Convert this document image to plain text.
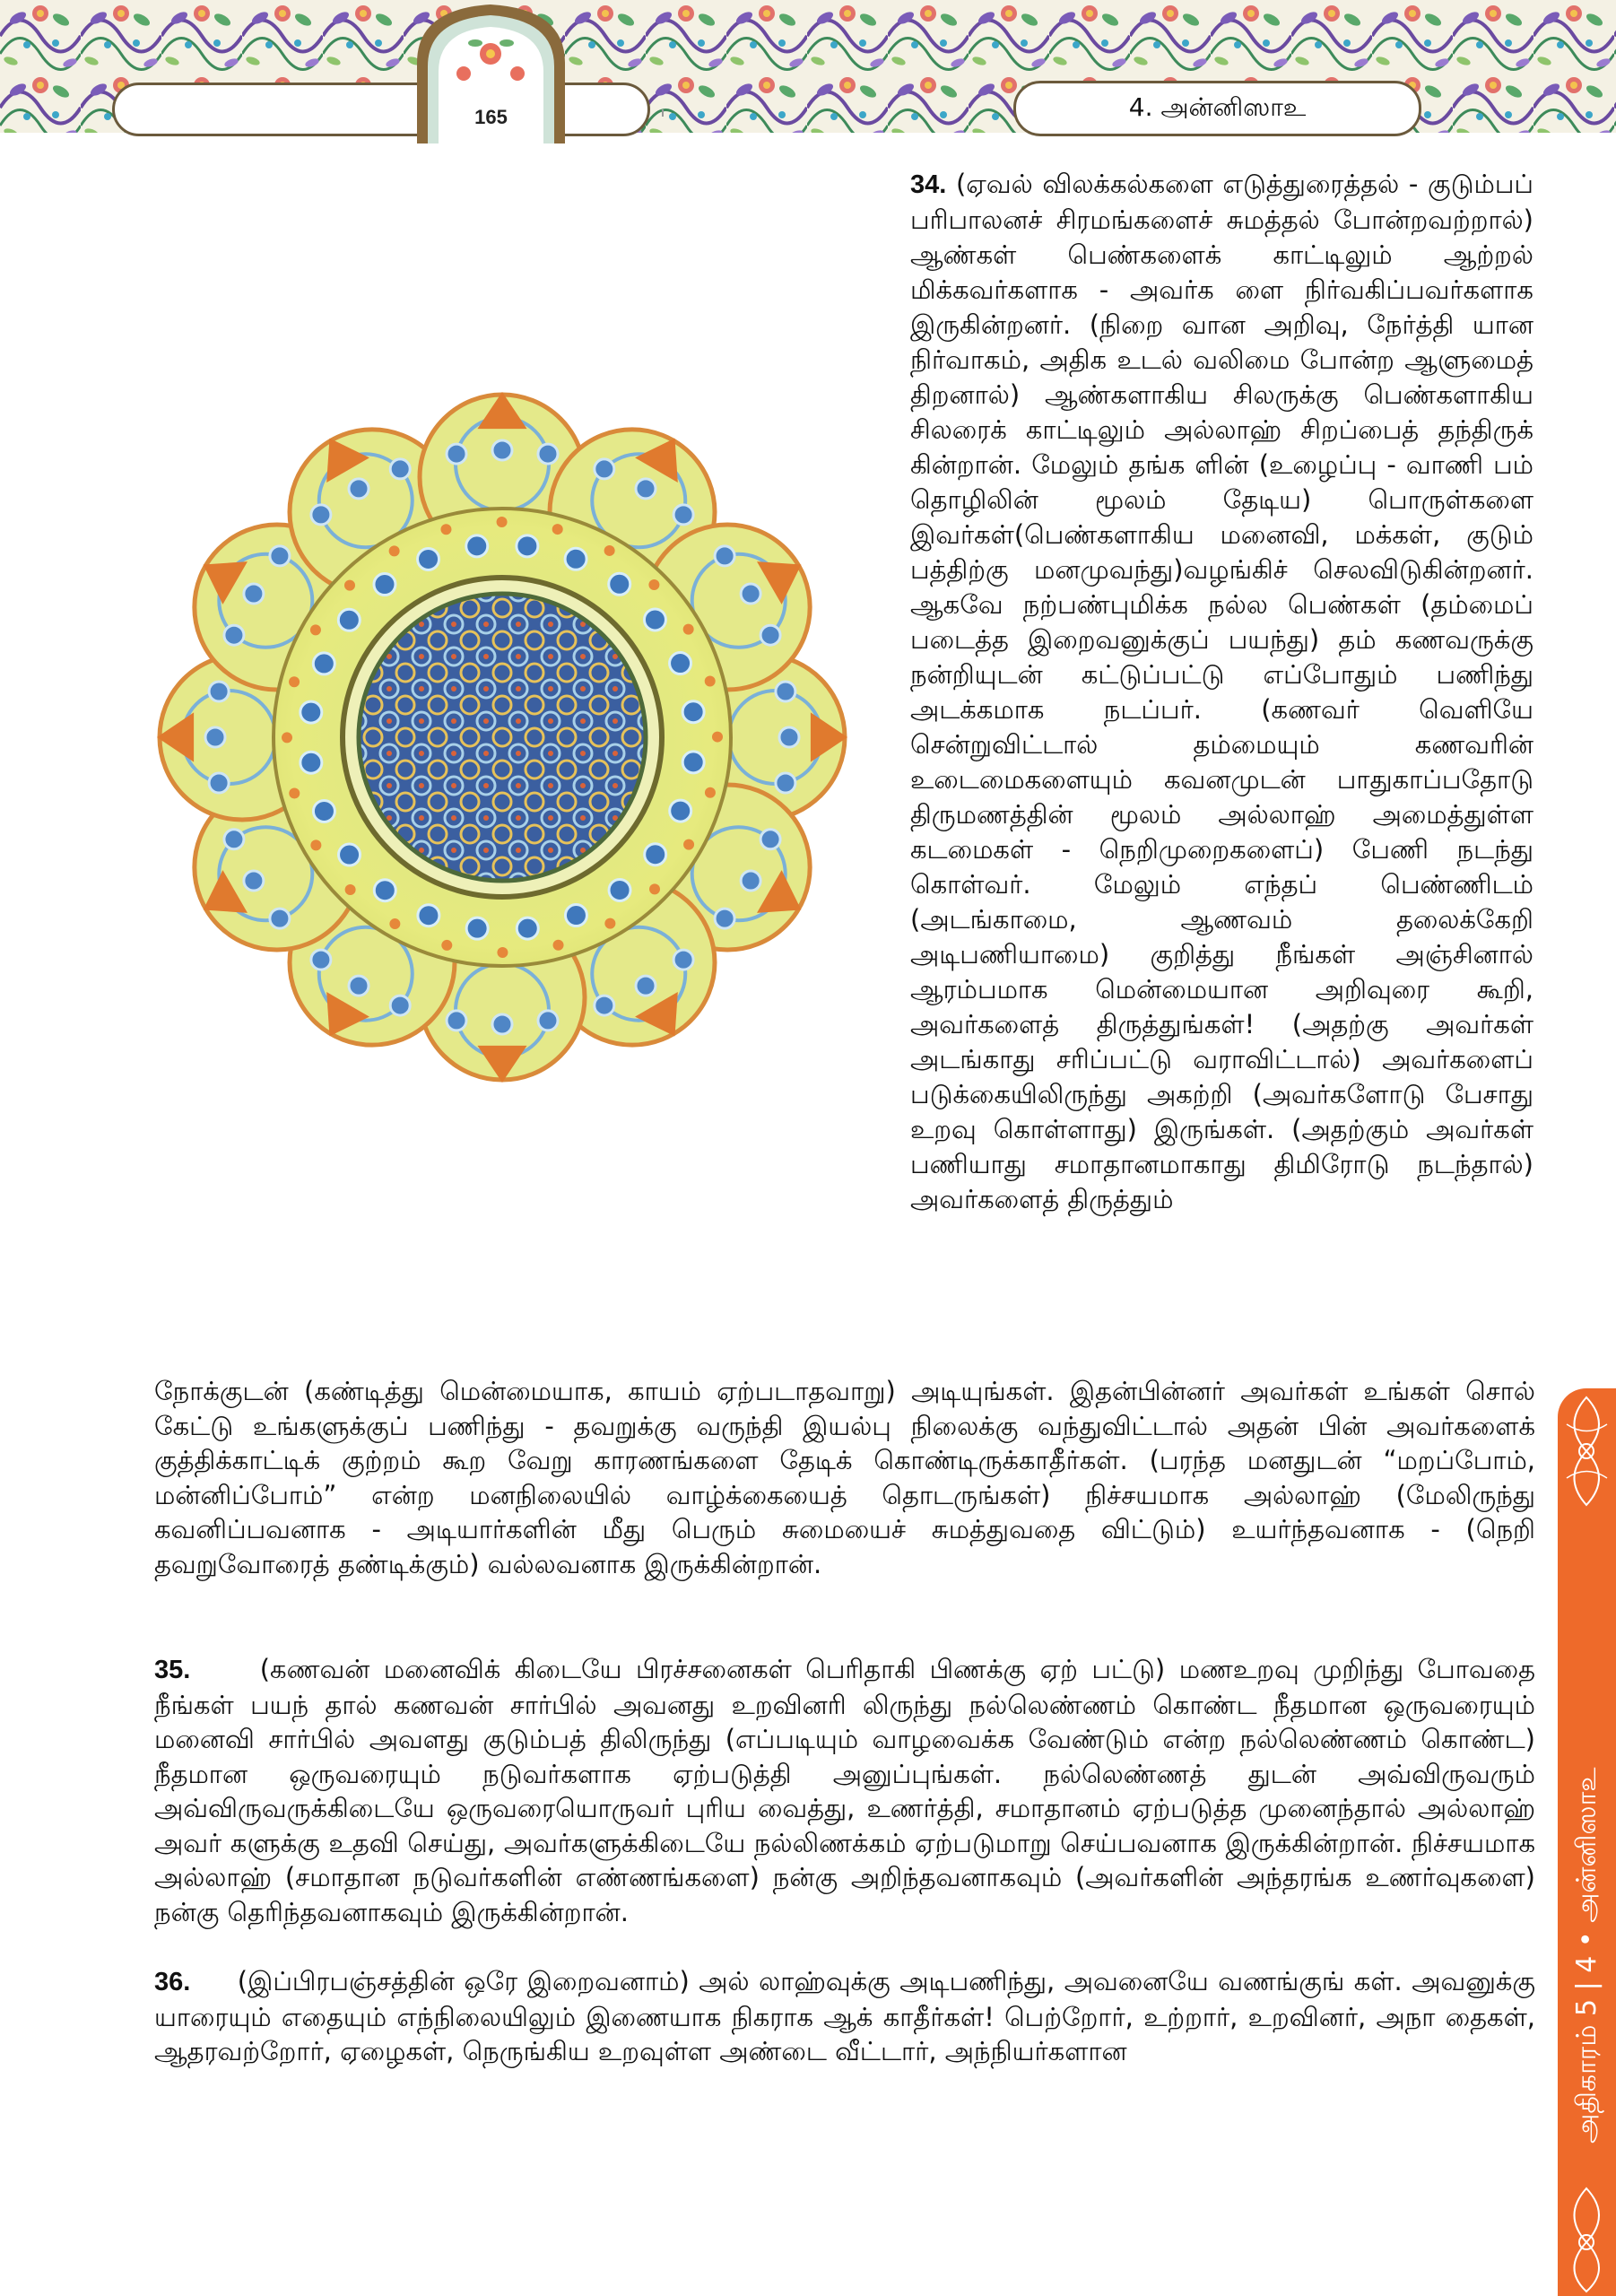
165	4. அன்னிஸாஉ

34. (ஏவல் விலக்கல்களை எடுத்துரைத்தல் - குடும்பப் பரிபாலனச் சிரமங்களைச் சுமத்தல் போன்றவற்றால்) ஆண்கள் பெண்களைக் காட்டிலும் ஆற்றல் மிக்கவர்களாக - அவர்க ளை நிர்வகிப்பவர்களாக இருகின்றனர். (நிறை வான அறிவு, நேர்த்தி யான நிர்வாகம், அதிக உடல் வலிமை போன்ற ஆளுமைத் திறனால்) ஆண்களாகிய சிலருக்கு பெண்களாகிய சிலரைக் காட்டிலும் அல்லாஹ் சிறப்பைத் தந்திருக் கின்றான். மேலும் தங்க ளின் (உழைப்பு - வாணி பம் தொழிலின் மூலம் தேடிய) பொருள்களை இவர்கள்(பெண்களாகிய மனைவி, மக்கள், குடும் பத்திற்கு மனமுவந்து)வழங்கிச் செலவிடுகின்றனர். ஆகவே நற்பண்புமிக்க நல்ல பெண்கள் (தம்மைப் படைத்த இறைவனுக்குப் பயந்து) தம் கணவருக்கு நன்றியுடன் கட்டுப்பட்டு எப்போதும் பணிந்து அடக்கமாக நடப்பர். (கணவர் வெளியே சென்றுவிட்டால் தம்மையும் கணவரின் உடைமைகளையும் கவனமுடன் பாதுகாப்பதோடு திருமணத்தின் மூலம் அல்லாஹ் அமைத்துள்ள கடமைகள் - நெறிமுறைகளைப்) பேணி நடந்து கொள்வர். மேலும் எந்தப் பெண்ணிடம் (அடங்காமை, ஆணவம் தலைக்கேறி அடிபணியாமை) குறித்து நீங்கள் அஞ்சினால் ஆரம்பமாக மென்மையான அறிவுரை கூறி, அவர்களைத் திருத்துங்கள்! (அதற்கு அவர்கள் அடங்காது சரிப்பட்டு வராவிட்டால்) அவர்களைப் படுக்கையிலிருந்து அகற்றி (அவர்களோடு பேசாது உறவு கொள்ளாது) இருங்கள். (அதற்கும் அவர்கள் பணியாது சமாதானமாகாது திமிரோடு நடந்தால்) அவர்களைத் திருத்தும்

நோக்குடன் (கண்டித்து மென்மையாக, காயம் ஏற்படாதவாறு) அடியுங்கள். இதன்பின்னர் அவர்கள் உங்கள் சொல் கேட்டு உங்களுக்குப் பணிந்து - தவறுக்கு வருந்தி இயல்பு நிலைக்கு வந்துவிட்டால் அதன் பின் அவர்களைக் குத்திக்காட்டிக் குற்றம் கூற வேறு காரணங்களை தேடிக் கொண்டிருக்காதீர்கள். (பரந்த மனதுடன் “மறப்போம், மன்னிப்போம்” என்ற மனநிலையில் வாழ்க்கையைத் தொடருங்கள்) நிச்சயமாக அல்லாஹ் (மேலிருந்து கவனிப்பவனாக - அடியார்களின் மீது பெரும் சுமையைச் சுமத்துவதை விட்டும்) உயர்ந்தவனாக - (நெறி தவறுவோரைத் தண்டிக்கும்) வல்லவனாக இருக்கின்றான்.

35.	(கணவன் மனைவிக் கிடையே பிரச்சனைகள் பெரிதாகி பிணக்கு ஏற் பட்டு) மணஉறவு முறிந்து போவதை நீங்கள் பயந் தால் கணவன் சார்பில் அவனது உறவினரி லிருந்து நல்லெண்ணம் கொண்ட நீதமான ஒருவரையும் மனைவி சார்பில் அவளது குடும்பத் திலிருந்து (எப்படியும் வாழவைக்க வேண்டும் என்ற நல்லெண்ணம் கொண்ட) நீதமான ஒருவரையும் நடுவர்களாக ஏற்படுத்தி அனுப்புங்கள். நல்லெண்ணத் துடன் அவ்விருவரும் அவ்விருவருக்கிடையே ஒருவரையொருவர் புரிய வைத்து, உணர்த்தி, சமாதானம் ஏற்படுத்த முனைந்தால் அல்லாஹ் அவர் களுக்கு உதவி செய்து, அவர்களுக்கிடையே நல்லிணக்கம் ஏற்படுமாறு செய்பவனாக இருக்கின்றான். நிச்சயமாக அல்லாஹ் (சமாதான நடுவர்களின் எண்ணங்களை) நன்கு அறிந்தவனாகவும் (அவர்களின் அந்தரங்க உணர்வுகளை) நன்கு தெரிந்தவனாகவும் இருக்கின்றான்.

36. (இப்பிரபஞ்சத்தின் ஒரே இறைவனாம்) அல் லாஹ்வுக்கு அடிபணிந்து, அவனையே வணங்குங் கள். அவனுக்கு யாரையும் எதையும் எந்நிலையிலும் இணையாக நிகராக ஆக் காதீர்கள்! பெற்றோர், உற்றார், உறவினர், அநா தைகள், ஆதரவற்றோர், ஏழைகள், நெருங்கிய உறவுள்ள அண்டை வீட்டார், அந்நியர்களான	அதிகாரம் 5 | 4 • அன்னிஸாஉ
